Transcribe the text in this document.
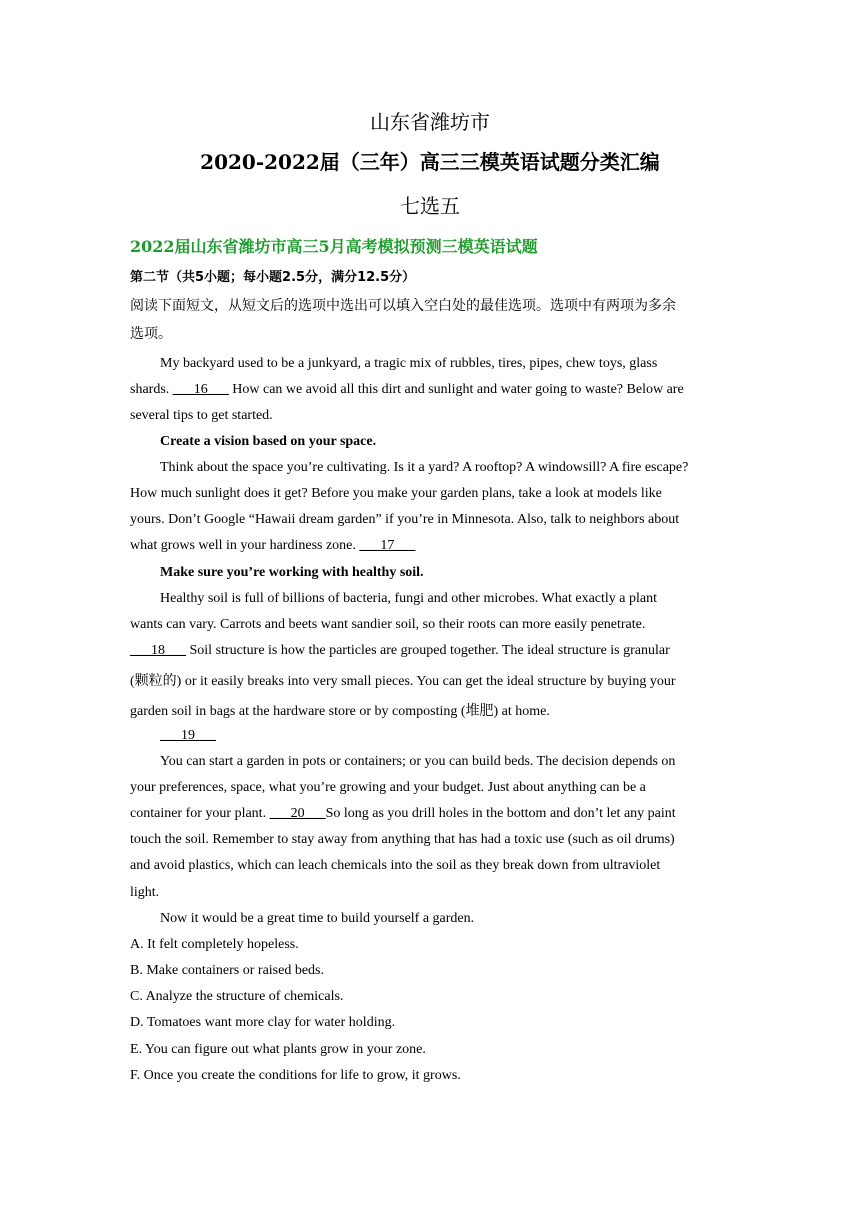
山东省潍坊市
2020-2022届（三年）高三三模英语试题分类汇编
七选五
2022届山东省潍坊市高三5月高考模拟预测三模英语试题
第二节（共5小题；每小题2.5分，满分12.5分）
阅读下面短文，从短文后的选项中选出可以填入空白处的最佳选项。选项中有两项为多余
选项。
My backyard used to be a junkyard, a tragic mix of rubbles, tires, pipes, chew toys, glass
shards. ___16___ How can we avoid all this dirt and sunlight and water going to waste? Below are
several tips to get started.
Create a vision based on your space.
Think about the space you’re cultivating. Is it a yard? A rooftop? A windowsill? A fire escape?
How much sunlight does it get? Before you make your garden plans, take a look at models like
yours. Don’t Google “Hawaii dream garden” if you’re in Minnesota. Also, talk to neighbors about
what grows well in your hardiness zone. ___17___
Make sure you’re working with healthy soil.
Healthy soil is full of billions of bacteria, fungi and other microbes. What exactly a plant
wants can vary. Carrots and beets want sandier soil, so their roots can more easily penetrate.
___18___ Soil structure is how the particles are grouped together. The ideal structure is granular
(颗粒的) or it easily breaks into very small pieces. You can get the ideal structure by buying your
garden soil in bags at the hardware store or by composting (堆肥) at home.
___19___
You can start a garden in pots or containers; or you can build beds. The decision depends on
your preferences, space, what you’re growing and your budget. Just about anything can be a
container for your plant. ___20___So long as you drill holes in the bottom and don’t let any paint
touch the soil. Remember to stay away from anything that has had a toxic use (such as oil drums)
and avoid plastics, which can leach chemicals into the soil as they break down from ultraviolet
light.
Now it would be a great time to build yourself a garden.
A. It felt completely hopeless.
B. Make containers or raised beds.
C. Analyze the structure of chemicals.
D. Tomatoes want more clay for water holding.
E. You can figure out what plants grow in your zone.
F. Once you create the conditions for life to grow, it grows.
